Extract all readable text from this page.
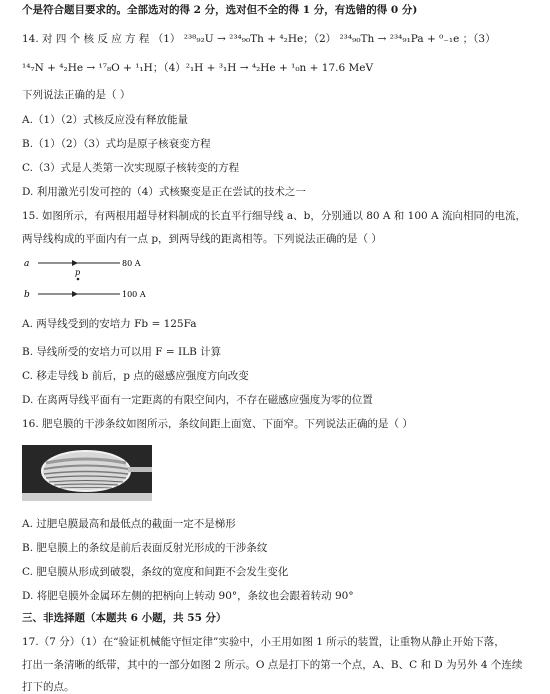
个是符合题目要求的。全部选对的得 2 分，选对但不全的得 1 分，有选错的得 0 分)
14. 对 四 个 核 反 应 方 程 （1） ²³⁸₉₂U → ²³⁴₉₀Th + ⁴₂He；（2） ²³⁴₉₀Th → ²³⁴₉₁Pa + ⁰₋₁e ；（3）
¹⁴₇N + ⁴₂He → ¹⁷₈O + ¹₁H；（4）²₁H + ³₁H → ⁴₂He + ¹₀n + 17.6 MeV
下列说法正确的是（ ）
A.（1）（2）式核反应没有释放能量
B.（1）（2）（3）式均是原子核衰变方程
C.（3）式是人类第一次实现原子核转变的方程
D. 利用激光引发可控的（4）式核聚变是正在尝试的技术之一
15. 如图所示，有两根用超导材料制成的长直平行细导线 a、b，分别通以 80 A 和 100 A 流向相同的电流，
两导线构成的平面内有一点 p，到两导线的距离相等。下列说法正确的是（ ）
a	80 A
p
b	100 A
A. 两导线受到的安培力 Fb = 125Fa
B. 导线所受的安培力可以用 F = ILB 计算
C. 移走导线 b 前后，p 点的磁感应强度方向改变
D. 在离两导线平面有一定距离的有限空间内，不存在磁感应强度为零的位置
16. 肥皂膜的干涉条纹如图所示，条纹间距上面宽、下面窄。下列说法正确的是（ ）
A. 过肥皂膜最高和最低点的截面一定不是梯形
B. 肥皂膜上的条纹是前后表面反射光形成的干涉条纹
C. 肥皂膜从形成到破裂，条纹的宽度和间距不会发生变化
D. 将肥皂膜外金属环左侧的把柄向上转动 90°，条纹也会跟着转动 90°
三、非选择题（本题共 6 小题，共 55 分）
17.（7 分）（1）在“验证机械能守恒定律”实验中，小王用如图 1 所示的装置，让重物从静止开始下落，
打出一条清晰的纸带，其中的一部分如图 2 所示。O 点是打下的第一个点，A、B、C 和 D 为另外 4 个连续
打下的点。
